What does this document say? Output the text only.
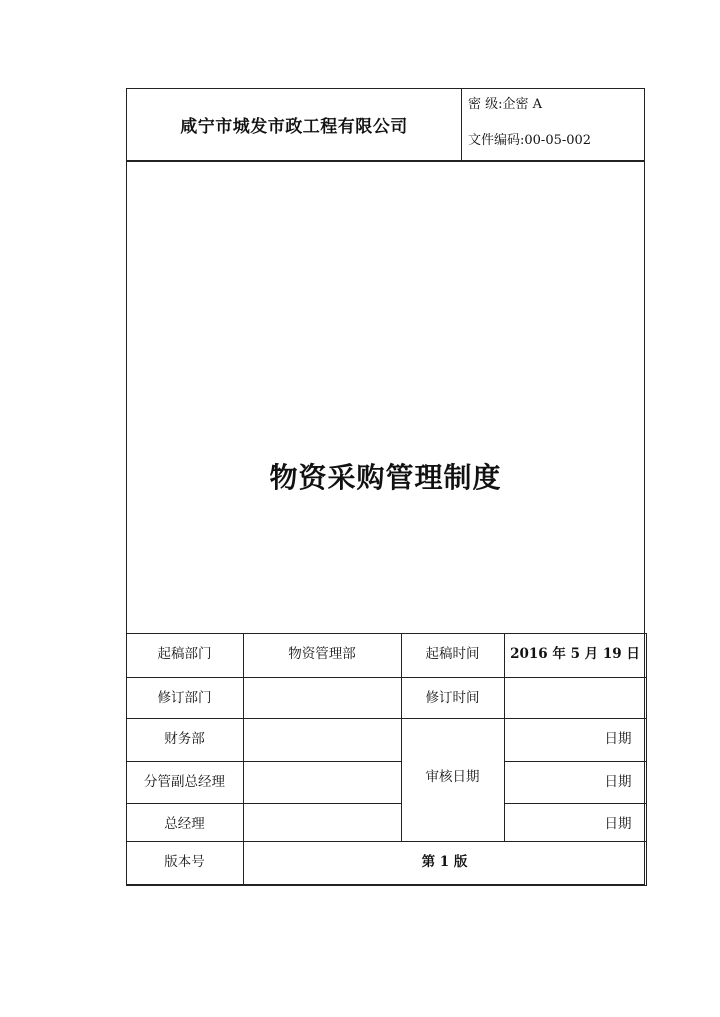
咸宁市城发市政工程有限公司
密 级:企密 A
文件编码:00-05-002
物资采购管理制度
起稿部门	物资管理部	起稿时间	2016 年 5 月 19 日
修订部门		修订时间	
财务部		审核日期	日期
分管副总经理			日期
总经理			日期
版本号	第 1 版		
